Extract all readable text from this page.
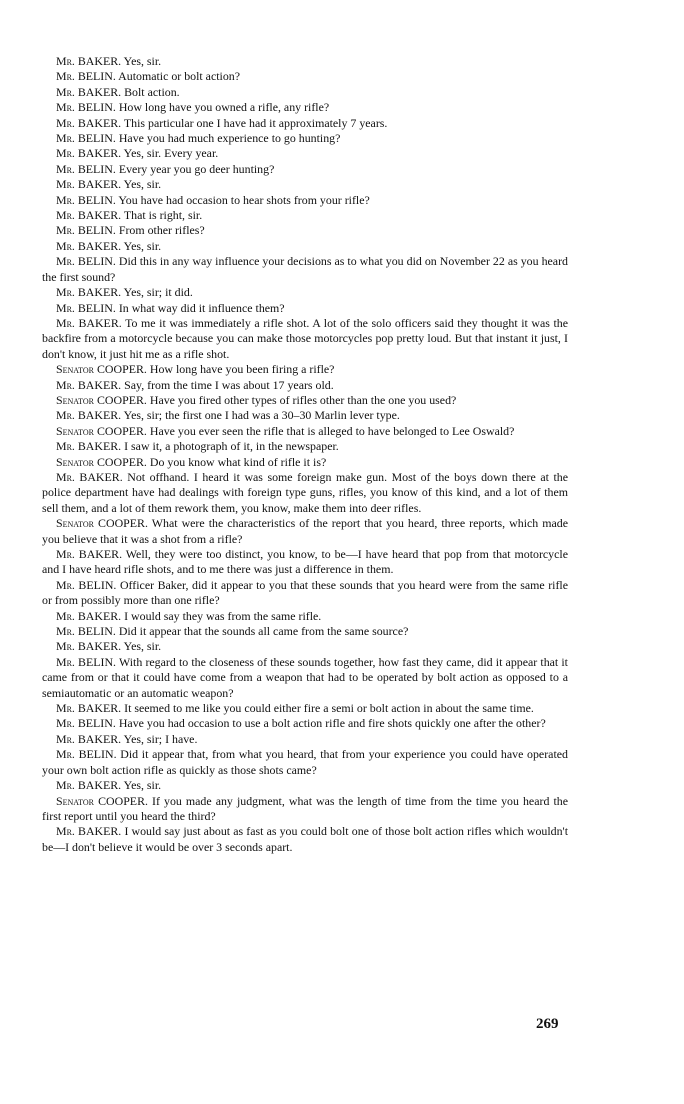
Mr. BAKER. Yes, sir.

Mr. BELIN. Automatic or bolt action?

Mr. BAKER. Bolt action.

Mr. BELIN. How long have you owned a rifle, any rifle?

Mr. BAKER. This particular one I have had it approximately 7 years.

Mr. BELIN. Have you had much experience to go hunting?

Mr. BAKER. Yes, sir. Every year.

Mr. BELIN. Every year you go deer hunting?

Mr. BAKER. Yes, sir.

Mr. BELIN. You have had occasion to hear shots from your rifle?

Mr. BAKER. That is right, sir.

Mr. BELIN. From other rifles?

Mr. BAKER. Yes, sir.

Mr. BELIN. Did this in any way influence your decisions as to what you did on November 22 as you heard the first sound?

Mr. BAKER. Yes, sir; it did.

Mr. BELIN. In what way did it influence them?

Mr. BAKER. To me it was immediately a rifle shot. A lot of the solo officers said they thought it was the backfire from a motorcycle because you can make those motorcycles pop pretty loud. But that instant it just, I don't know, it just hit me as a rifle shot.

Senator COOPER. How long have you been firing a rifle?

Mr. BAKER. Say, from the time I was about 17 years old.

Senator COOPER. Have you fired other types of rifles other than the one you used?

Mr. BAKER. Yes, sir; the first one I had was a 30–30 Marlin lever type.

Senator COOPER. Have you ever seen the rifle that is alleged to have belonged to Lee Oswald?

Mr. BAKER. I saw it, a photograph of it, in the newspaper.

Senator COOPER. Do you know what kind of rifle it is?

Mr. BAKER. Not offhand. I heard it was some foreign make gun. Most of the boys down there at the police department have had dealings with foreign type guns, rifles, you know of this kind, and a lot of them sell them, and a lot of them rework them, you know, make them into deer rifles.

Senator COOPER. What were the characteristics of the report that you heard, three reports, which made you believe that it was a shot from a rifle?

Mr. BAKER. Well, they were too distinct, you know, to be—I have heard that pop from that motorcycle and I have heard rifle shots, and to me there was just a difference in them.

Mr. BELIN. Officer Baker, did it appear to you that these sounds that you heard were from the same rifle or from possibly more than one rifle?

Mr. BAKER. I would say they was from the same rifle.

Mr. BELIN. Did it appear that the sounds all came from the same source?

Mr. BAKER. Yes, sir.

Mr. BELIN. With regard to the closeness of these sounds together, how fast they came, did it appear that it came from or that it could have come from a weapon that had to be operated by bolt action as opposed to a semiautomatic or an automatic weapon?

Mr. BAKER. It seemed to me like you could either fire a semi or bolt action in about the same time.

Mr. BELIN. Have you had occasion to use a bolt action rifle and fire shots quickly one after the other?

Mr. BAKER. Yes, sir; I have.

Mr. BELIN. Did it appear that, from what you heard, that from your experience you could have operated your own bolt action rifle as quickly as those shots came?

Mr. BAKER. Yes, sir.

Senator COOPER. If you made any judgment, what was the length of time from the time you heard the first report until you heard the third?

Mr. BAKER. I would say just about as fast as you could bolt one of those bolt action rifles which wouldn't be—I don't believe it would be over 3 seconds apart.

269
